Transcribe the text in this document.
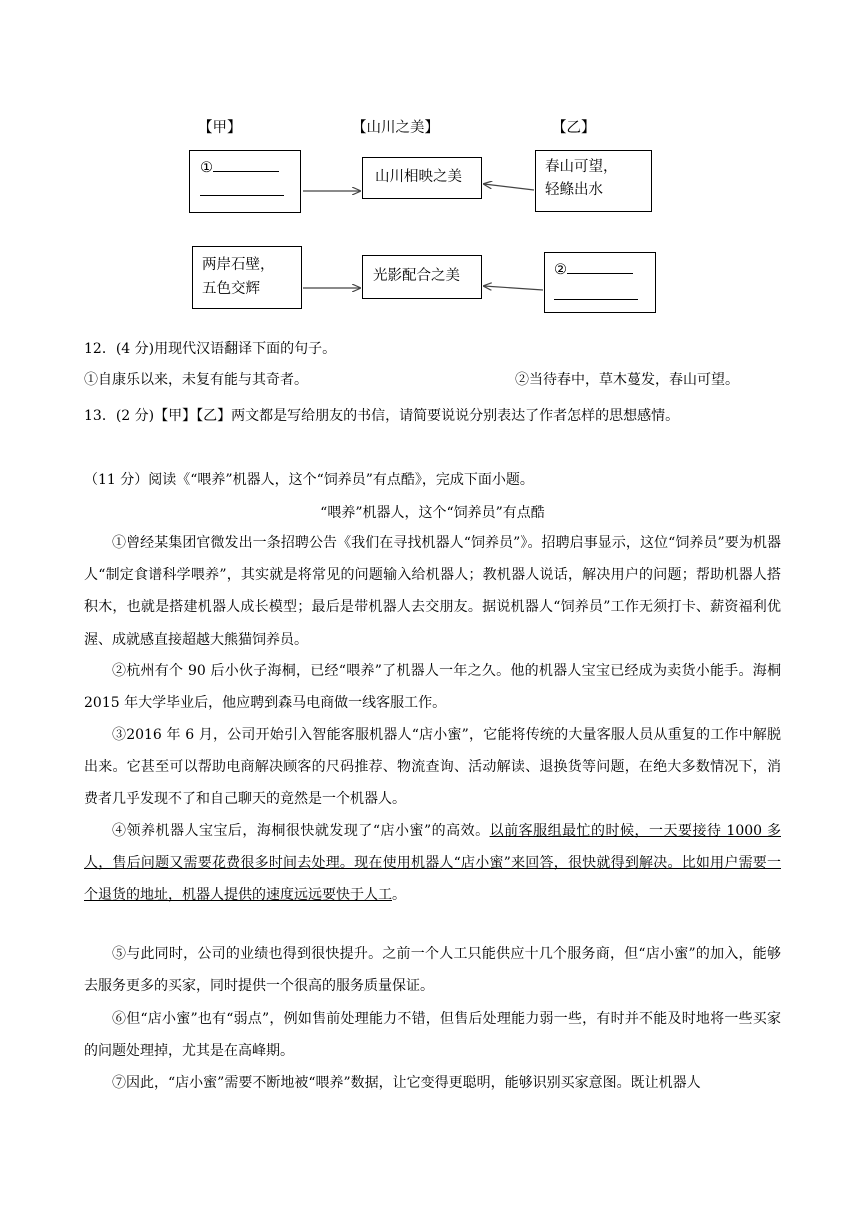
【甲】	【山川之美】	【乙】
①
山川相映之美
春山可望，
轻鲦出水
两岸石壁，
五色交辉
光影配合之美	②
12．(4 分)用现代汉语翻译下面的句子。
①自康乐以来，未复有能与其奇者。	②当待春中，草木蔓发，春山可望。
13．(2 分)【甲】【乙】两文都是写给朋友的书信，请简要说说分别表达了作者怎样的思想感情。
（11 分）阅读《“喂养”机器人，这个“饲养员”有点酷》，完成下面小题。
“喂养”机器人，这个“饲养员”有点酷

①曾经某集团官微发出一条招聘公告《我们在寻找机器人“饲养员”》。招聘启事显示，这位“饲养员”要为机器人“制定食谱科学喂养”，其实就是将常见的问题输入给机器人；教机器人说话，解决用户的问题；帮助机器人搭积木，也就是搭建机器人成长模型；最后是带机器人去交朋友。据说机器人“饲养员”工作无须打卡、薪资福利优渥、成就感直接超越大熊猫饲养员。

②杭州有个 90 后小伙子海桐，已经“喂养”了机器人一年之久。他的机器人宝宝已经成为卖货小能手。海桐 2015 年大学毕业后，他应聘到森马电商做一线客服工作。

③2016 年 6 月，公司开始引入智能客服机器人“店小蜜”，它能将传统的大量客服人员从重复的工作中解脱出来。它甚至可以帮助电商解决顾客的尺码推荐、物流查询、活动解读、退换货等问题，在绝大多数情况下，消费者几乎发现不了和自己聊天的竟然是一个机器人。

④领养机器人宝宝后，海桐很快就发现了“店小蜜”的高效。以前客服组最忙的时候，一天要接待 1000 多人，售后问题又需要花费很多时间去处理。现在使用机器人“店小蜜”来回答，很快就得到解决。比如用户需要一个退货的地址，机器人提供的速度远远要快于人工。

⑤与此同时，公司的业绩也得到很快提升。之前一个人工只能供应十几个服务商，但“店小蜜”的加入，能够去服务更多的买家，同时提供一个很高的服务质量保证。

⑥但“店小蜜”也有“弱点”，例如售前处理能力不错，但售后处理能力弱一些，有时并不能及时地将一些买家的问题处理掉，尤其是在高峰期。

⑦因此，“店小蜜”需要不断地被“喂养”数据，让它变得更聪明，能够识别买家意图。既让机器人
